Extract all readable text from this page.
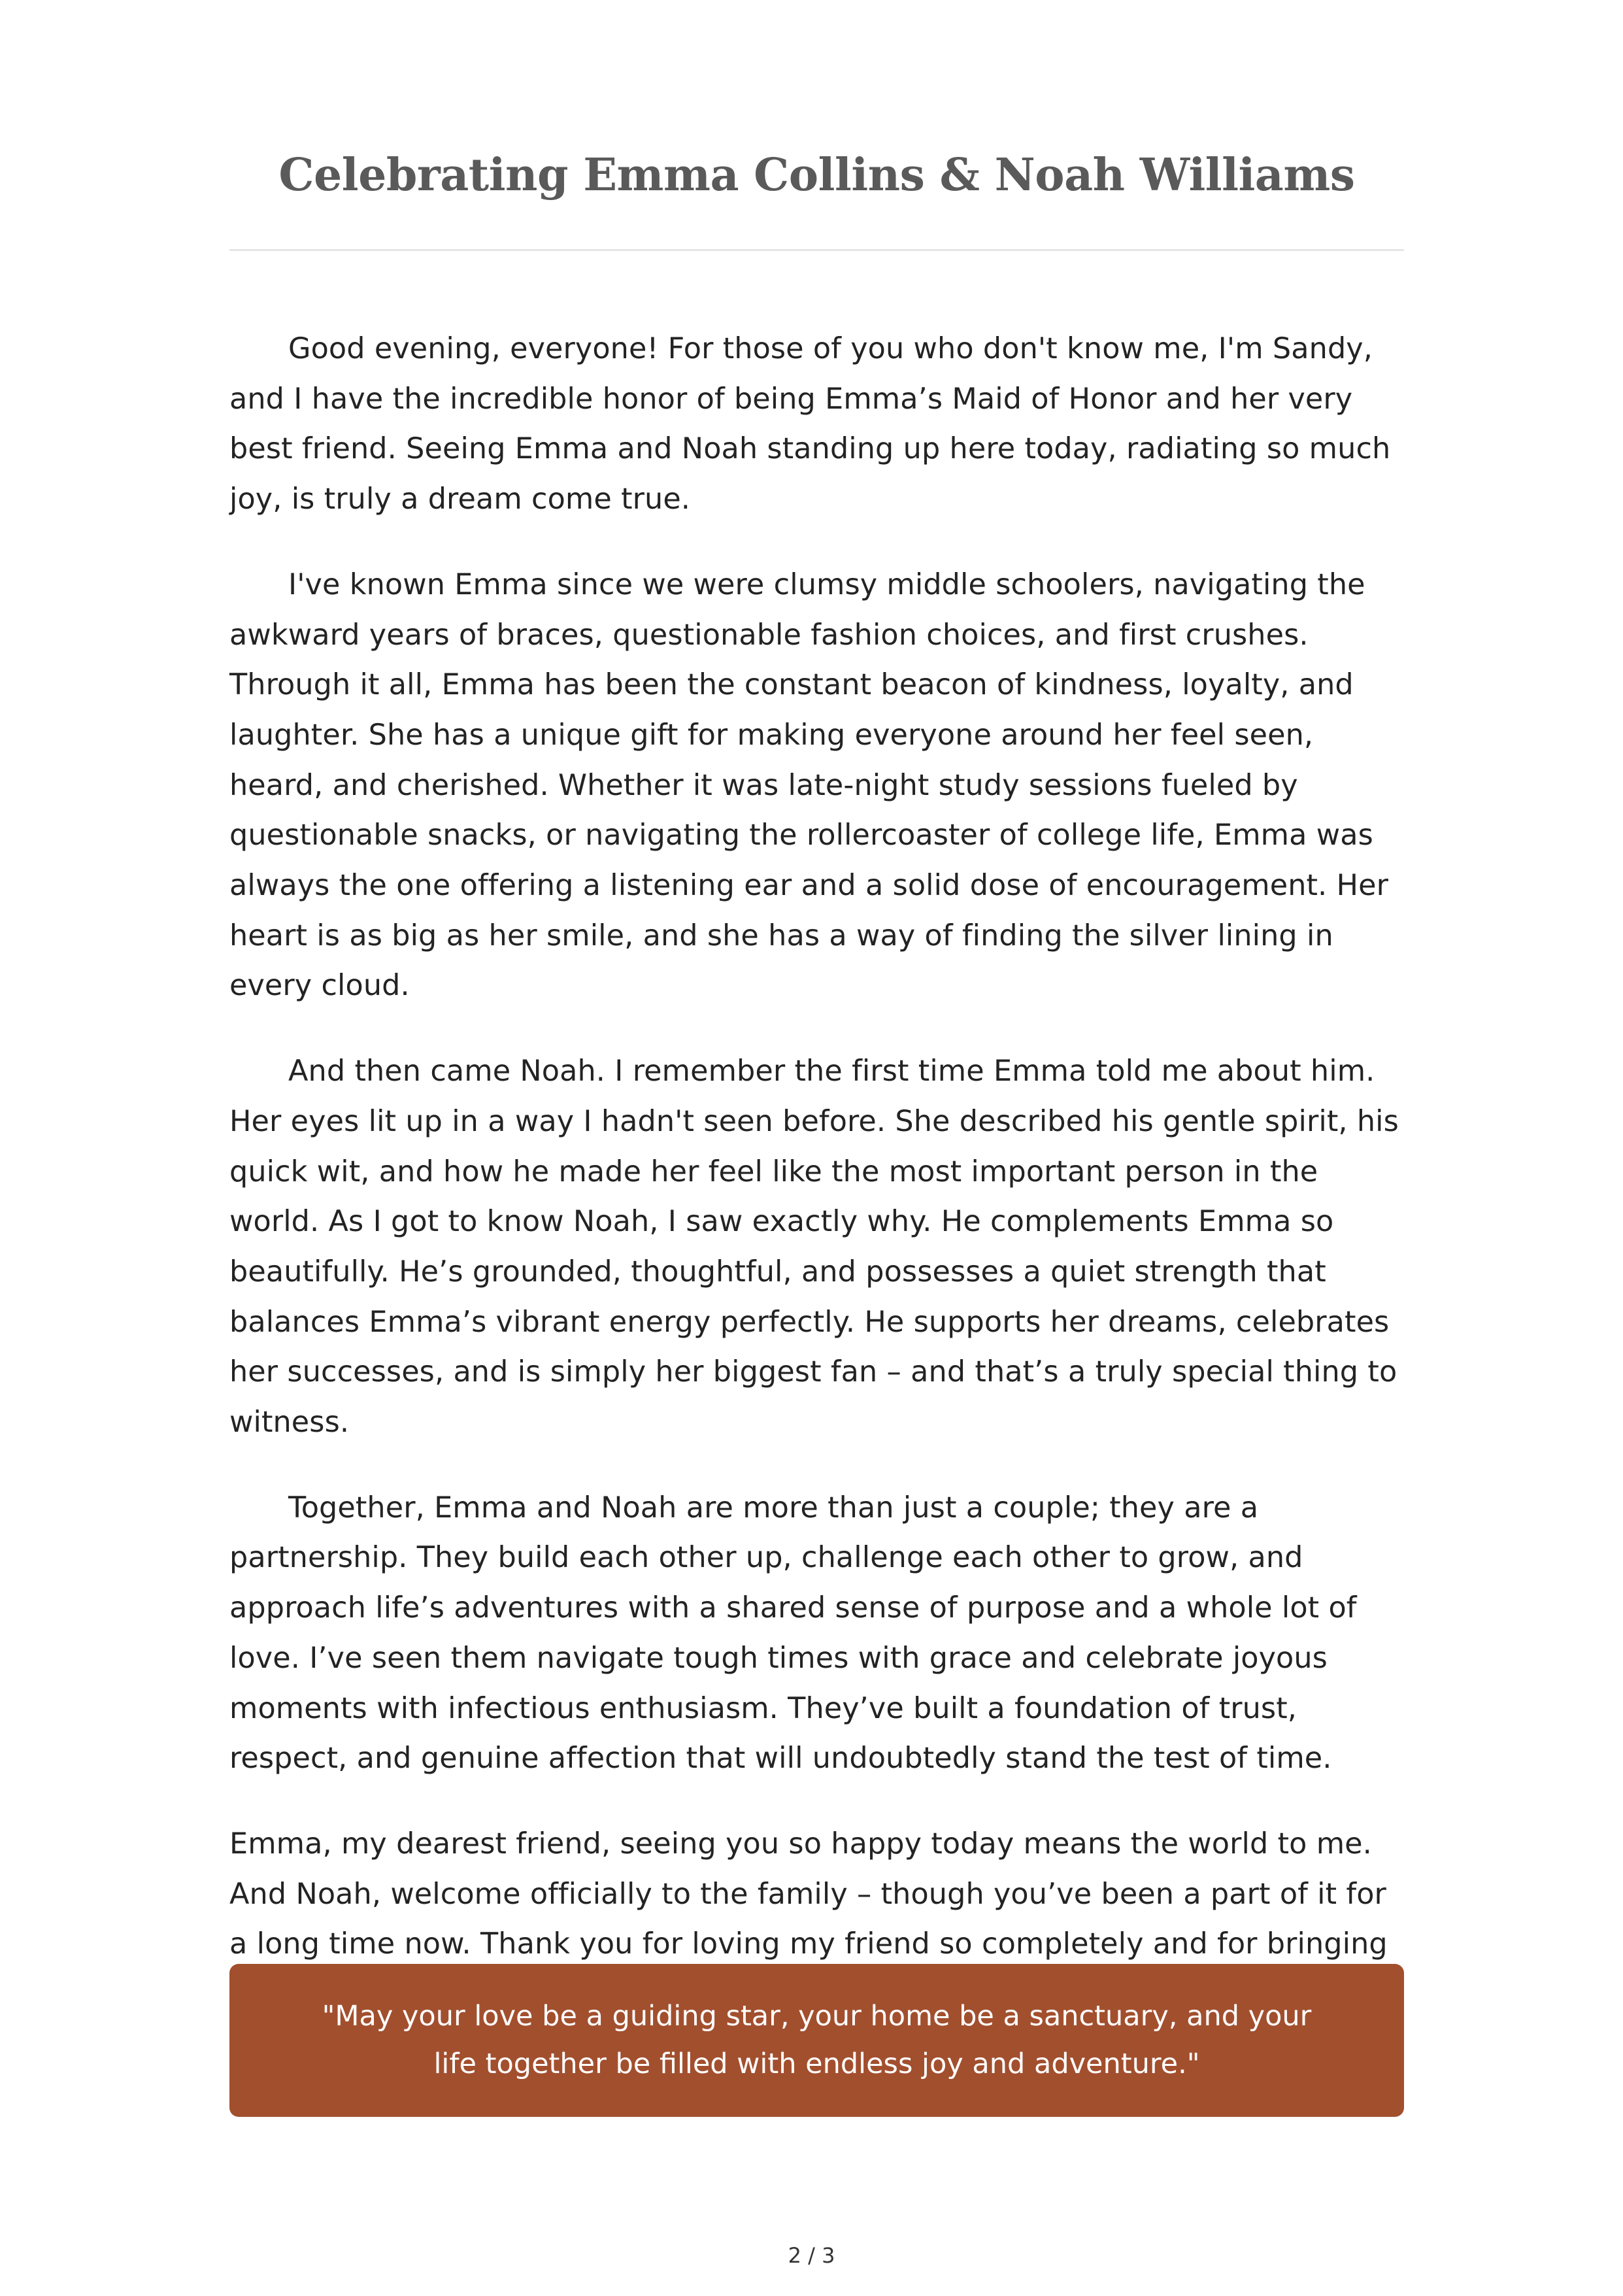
Celebrating Emma Collins & Noah Williams

Good evening, everyone! For those of you who don't know me, I'm Sandy, and I have the incredible honor of being Emma’s Maid of Honor and her very best friend. Seeing Emma and Noah standing up here today, radiating so much joy, is truly a dream come true.

I've known Emma since we were clumsy middle schoolers, navigating the awkward years of braces, questionable fashion choices, and first crushes. Through it all, Emma has been the constant beacon of kindness, loyalty, and laughter. She has a unique gift for making everyone around her feel seen, heard, and cherished. Whether it was late-night study sessions fueled by questionable snacks, or navigating the rollercoaster of college life, Emma was always the one offering a listening ear and a solid dose of encouragement. Her heart is as big as her smile, and she has a way of finding the silver lining in every cloud.

And then came Noah. I remember the first time Emma told me about him. Her eyes lit up in a way I hadn't seen before. She described his gentle spirit, his quick wit, and how he made her feel like the most important person in the world. As I got to know Noah, I saw exactly why. He complements Emma so beautifully. He’s grounded, thoughtful, and possesses a quiet strength that balances Emma’s vibrant energy perfectly. He supports her dreams, celebrates her successes, and is simply her biggest fan – and that’s a truly special thing to witness.

Together, Emma and Noah are more than just a couple; they are a partnership. They build each other up, challenge each other to grow, and approach life’s adventures with a shared sense of purpose and a whole lot of love. I’ve seen them navigate tough times with grace and celebrate joyous moments with infectious enthusiasm. They’ve built a foundation of trust, respect, and genuine affection that will undoubtedly stand the test of time.

Emma, my dearest friend, seeing you so happy today means the world to me. And Noah, welcome officially to the family – though you’ve been a part of it for a long time now. Thank you for loving my friend so completely and for bringing

"May your love be a guiding star, your home be a sanctuary, and your life together be filled with endless joy and adventure."
2 / 3
